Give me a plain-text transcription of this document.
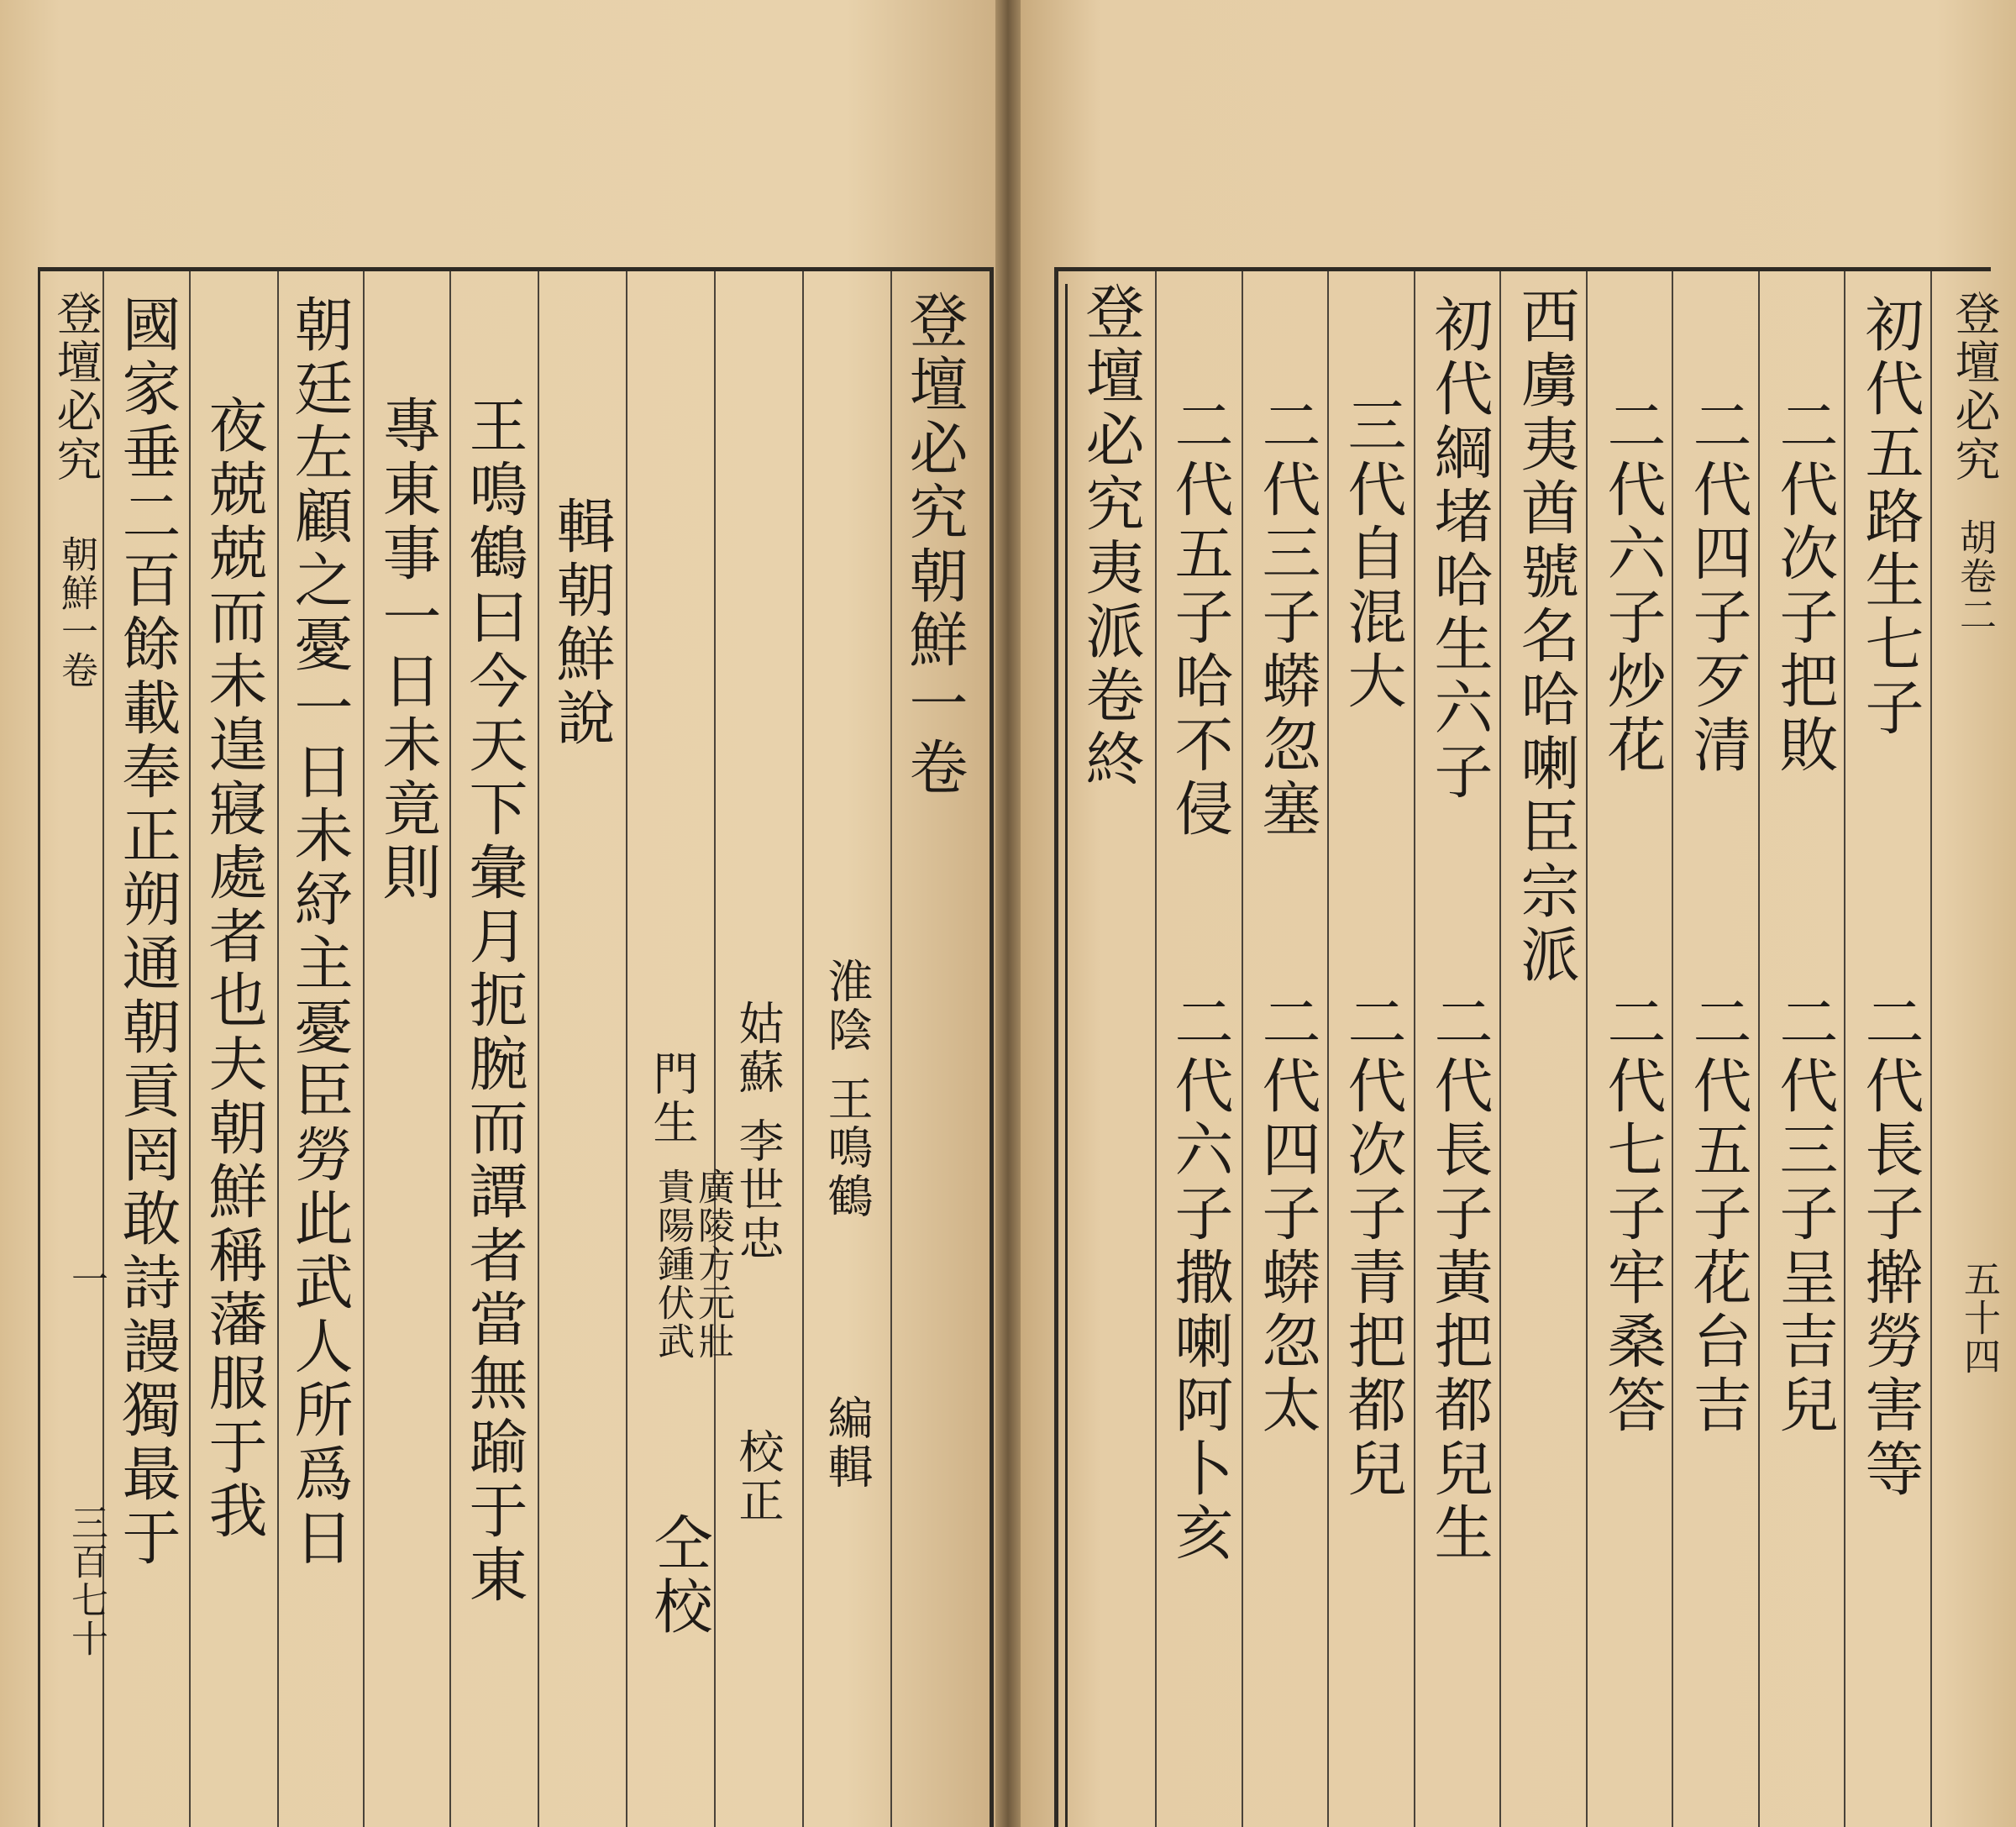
登壇必究
朝鮮一卷
一
三百七十
國家垂二百餘載奉正朔通朝貢罔敢詩謾獨最于 夜兢兢而未遑寢處者也夫朝鮮稱藩服于我 朝廷左顧之憂一日未紓主憂臣勞此武人所爲日 專東事一日未竟則 王鳴鶴曰今天下彙月扼腕而譚者當無踰于東 輯朝鮮說
門生
廣陵方元壯
貴陽鍾伏武
仝校
姑蘇
李世忠
校正
淮陰
王鳴鶴
編輯
登壇必究朝鮮一卷 登壇必究夷派卷終 二代五子哈不侵
二代六子撒喇阿卜亥
二代三子蟒忽塞
二代四子蟒忽太
三代自混大
二代次子青把都兒
初代綱堵哈生六子
二代長子黃把都兒生
西虜夷酋號名哈喇臣宗派 二代六子炒花
二代七子牢桑答
二代四子歹清
二代五子花台吉
二代次子把敗
二代三子呈吉兒
初代五路生七子
二代長子擀勞害等
登壇必究
胡卷二
五十四
